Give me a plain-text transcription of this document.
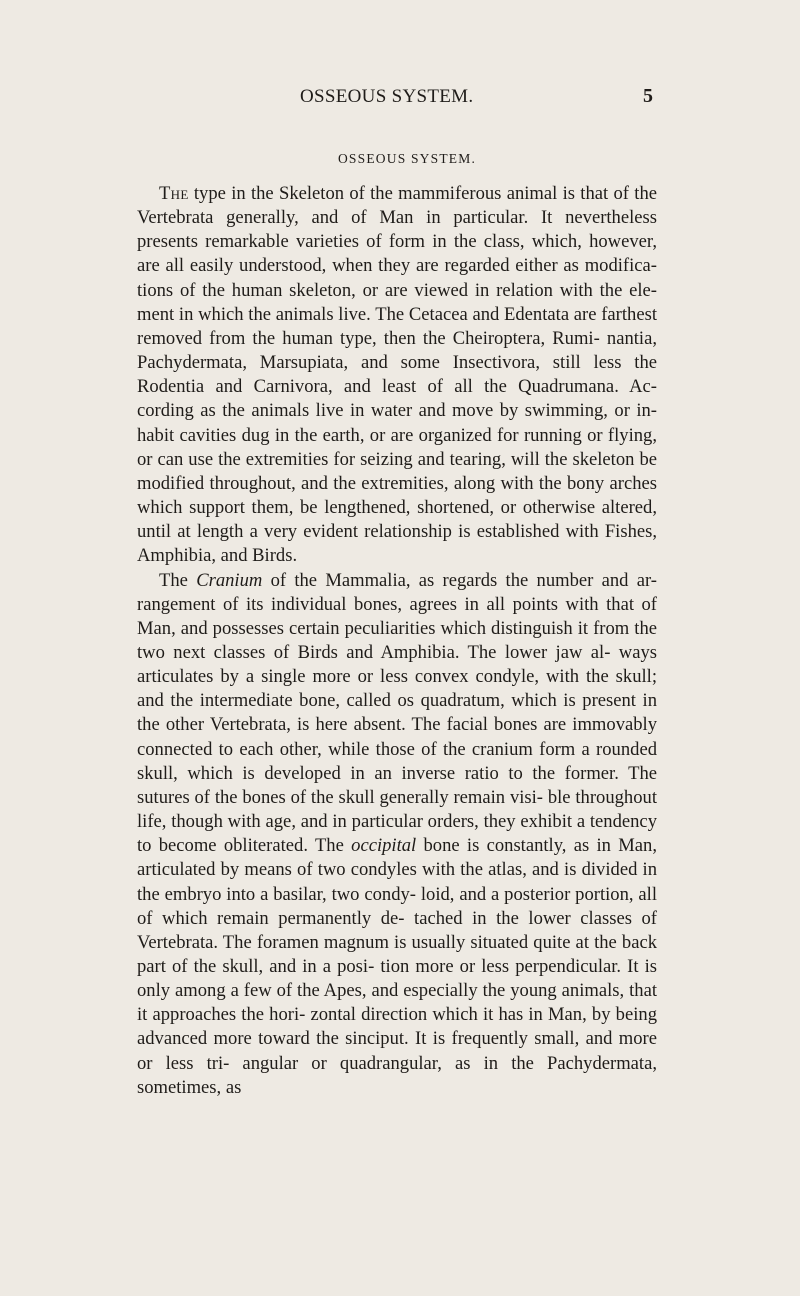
OSSEOUS SYSTEM.	5
OSSEOUS SYSTEM.

The type in the Skeleton of the mammiferous animal is that of the Vertebrata generally, and of Man in particular. It nevertheless presents remarkable varieties of form in the class, which, however, are all easily understood, when they are regarded either as modifica- tions of the human skeleton, or are viewed in relation with the ele- ment in which the animals live. The Cetacea and Edentata are farthest removed from the human type, then the Cheiroptera, Rumi- nantia, Pachydermata, Marsupiata, and some Insectivora, still less the Rodentia and Carnivora, and least of all the Quadrumana. Ac- cording as the animals live in water and move by swimming, or in- habit cavities dug in the earth, or are organized for running or flying, or can use the extremities for seizing and tearing, will the skeleton be modified throughout, and the extremities, along with the bony arches which support them, be lengthened, shortened, or otherwise altered, until at length a very evident relationship is established with Fishes, Amphibia, and Birds.

The Cranium of the Mammalia, as regards the number and ar- rangement of its individual bones, agrees in all points with that of Man, and possesses certain peculiarities which distinguish it from the two next classes of Birds and Amphibia. The lower jaw al- ways articulates by a single more or less convex condyle, with the skull; and the intermediate bone, called os quadratum, which is present in the other Vertebrata, is here absent. The facial bones are immovably connected to each other, while those of the cranium form a rounded skull, which is developed in an inverse ratio to the former. The sutures of the bones of the skull generally remain visi- ble throughout life, though with age, and in particular orders, they exhibit a tendency to become obliterated. The occipital bone is constantly, as in Man, articulated by means of two condyles with the atlas, and is divided in the embryo into a basilar, two condy- loid, and a posterior portion, all of which remain permanently de- tached in the lower classes of Vertebrata. The foramen magnum is usually situated quite at the back part of the skull, and in a posi- tion more or less perpendicular. It is only among a few of the Apes, and especially the young animals, that it approaches the hori- zontal direction which it has in Man, by being advanced more toward the sinciput. It is frequently small, and more or less tri- angular or quadrangular, as in the Pachydermata, sometimes, as
